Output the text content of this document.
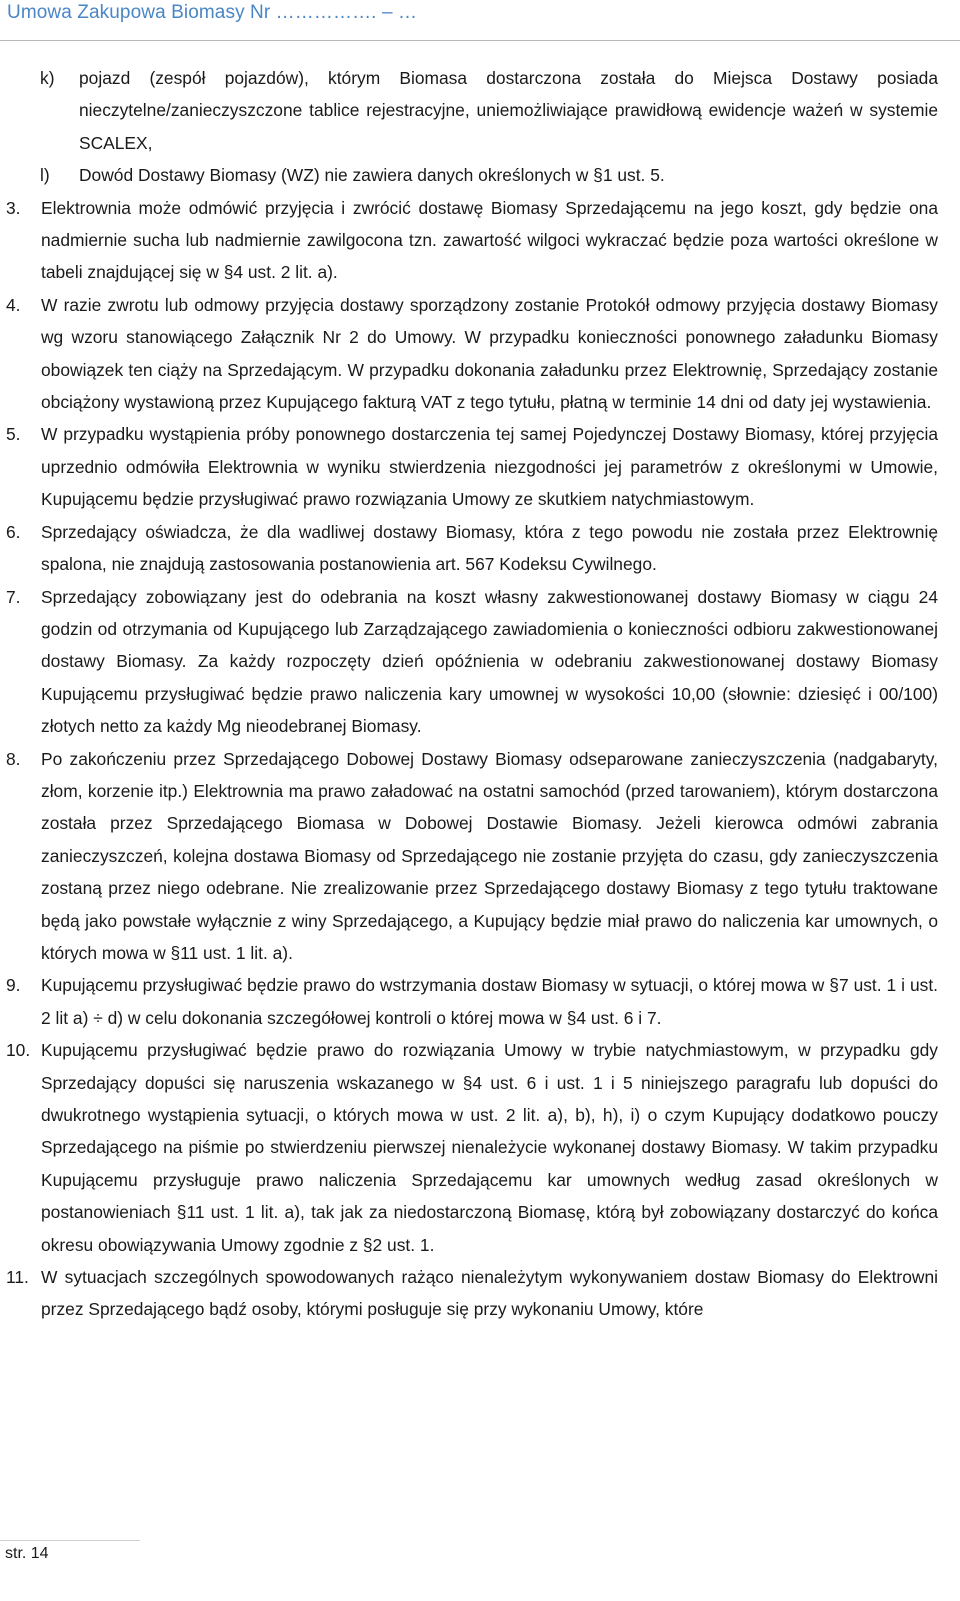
Umowa Zakupowa Biomasy Nr ……………. – …
k) pojazd (zespół pojazdów), którym Biomasa dostarczona została do Miejsca Dostawy posiada nieczytelne/zanieczyszczone tablice rejestracyjne, uniemożliwiające prawidłową ewidencje ważeń w systemie SCALEX,
l) Dowód Dostawy Biomasy (WZ) nie zawiera danych określonych w §1 ust. 5.
3. Elektrownia może odmówić przyjęcia i zwrócić dostawę Biomasy Sprzedającemu na jego koszt, gdy będzie ona nadmiernie sucha lub nadmiernie zawilgocona tzn. zawartość wilgoci wykraczać będzie poza wartości określone w tabeli znajdującej się w §4 ust. 2 lit. a).
4. W razie zwrotu lub odmowy przyjęcia dostawy sporządzony zostanie Protokół odmowy przyjęcia dostawy Biomasy wg wzoru stanowiącego Załącznik Nr 2 do Umowy. W przypadku konieczności ponownego załadunku Biomasy obowiązek ten ciąży na Sprzedającym. W przypadku dokonania załadunku przez Elektrownię, Sprzedający zostanie obciążony wystawioną przez Kupującego fakturą VAT z tego tytułu, płatną w terminie 14 dni od daty jej wystawienia.
5. W przypadku wystąpienia próby ponownego dostarczenia tej samej Pojedynczej Dostawy Biomasy, której przyjęcia uprzednio odmówiła Elektrownia w wyniku stwierdzenia niezgodności jej parametrów z określonymi w Umowie, Kupującemu będzie przysługiwać prawo rozwiązania Umowy ze skutkiem natychmiastowym.
6. Sprzedający oświadcza, że dla wadliwej dostawy Biomasy, która z tego powodu nie została przez Elektrownię spalona, nie znajdują zastosowania postanowienia art. 567 Kodeksu Cywilnego.
7. Sprzedający zobowiązany jest do odebrania na koszt własny zakwestionowanej dostawy Biomasy w ciągu 24 godzin od otrzymania od Kupującego lub Zarządzającego zawiadomienia o konieczności odbioru zakwestionowanej dostawy Biomasy. Za każdy rozpoczęty dzień opóźnienia w odebraniu zakwestionowanej dostawy Biomasy Kupującemu przysługiwać będzie prawo naliczenia kary umownej w wysokości 10,00 (słownie: dziesięć i 00/100) złotych netto za każdy Mg nieodebranej Biomasy.
8. Po zakończeniu przez Sprzedającego Dobowej Dostawy Biomasy odseparowane zanieczyszczenia (nadgabaryty, złom, korzenie itp.) Elektrownia ma prawo załadować na ostatni samochód (przed tarowaniem), którym dostarczona została przez Sprzedającego Biomasa w Dobowej Dostawie Biomasy. Jeżeli kierowca odmówi zabrania zanieczyszczeń, kolejna dostawa Biomasy od Sprzedającego nie zostanie przyjęta do czasu, gdy zanieczyszczenia zostaną przez niego odebrane. Nie zrealizowanie przez Sprzedającego dostawy Biomasy z tego tytułu traktowane będą jako powstałe wyłącznie z winy Sprzedającego, a Kupujący będzie miał prawo do naliczenia kar umownych, o których mowa w §11 ust. 1 lit. a).
9. Kupującemu przysługiwać będzie prawo do wstrzymania dostaw Biomasy w sytuacji, o której mowa w §7 ust. 1 i ust. 2 lit a) ÷ d) w celu dokonania szczegółowej kontroli o której mowa w §4 ust. 6 i 7.
10. Kupującemu przysługiwać będzie prawo do rozwiązania Umowy w trybie natychmiastowym, w przypadku gdy Sprzedający dopuści się naruszenia wskazanego w §4 ust. 6 i ust. 1 i 5 niniejszego paragrafu lub dopuści do dwukrotnego wystąpienia sytuacji, o których mowa w ust. 2 lit. a), b), h), i) o czym Kupujący dodatkowo pouczy Sprzedającego na piśmie po stwierdzeniu pierwszej nienależycie wykonanej dostawy Biomasy. W takim przypadku Kupującemu przysługuje prawo naliczenia Sprzedającemu kar umownych według zasad określonych w postanowieniach §11 ust. 1 lit. a), tak jak za niedostarczoną Biomasę, którą był zobowiązany dostarczyć do końca okresu obowiązywania Umowy zgodnie z §2 ust. 1.
11. W sytuacjach szczególnych spowodowanych rażąco nienależytym wykonywaniem dostaw Biomasy do Elektrowni przez Sprzedającego bądź osoby, którymi posługuje się przy wykonaniu Umowy, które
str. 14
